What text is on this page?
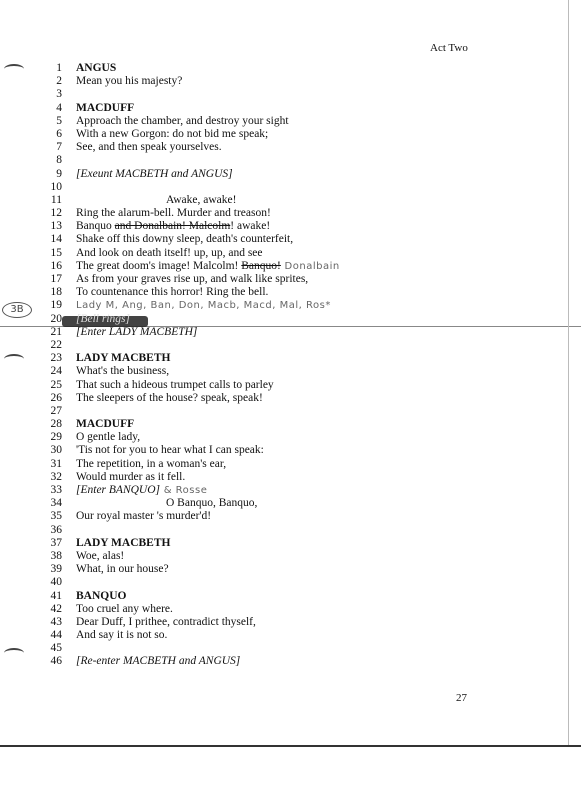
Act Two
3B
1 ANGUS
2 Mean you his majesty?
3
4 MACDUFF
5 Approach the chamber, and destroy your sight
6 With a new Gorgon: do not bid me speak;
7 See, and then speak yourselves.
8
9 [Exeunt MACBETH and ANGUS]
10
11	Awake, awake!
12 Ring the alarum-bell. Murder and treason!
13 Banquo and Donalbain! Malcolm! awake!
14 Shake off this downy sleep, death's counterfeit,
15 And look on death itself! up, up, and see
16 The great doom's image! Malcolm! Banquo! Donalbain
17 As from your graves rise up, and walk like sprites,
18 To countenance this horror! Ring the bell.
19 Lady M, Ang, Ban, Don, Macb, Macd, Mal, Ros*
20 [Bell rings]
21 [Enter LADY MACBETH]
22
23 LADY MACBETH
24 What's the business,
25 That such a hideous trumpet calls to parley
26 The sleepers of the house? speak, speak!
27
28 MACDUFF
29 O gentle lady,
30 'Tis not for you to hear what I can speak:
31 The repetition, in a woman's ear,
32 Would murder as it fell.
33 [Enter BANQUO] & Rosse
34	O Banquo, Banquo,
35 Our royal master 's murder'd!
36
37 LADY MACBETH
38 Woe, alas!
39 What, in our house?
40
41 BANQUO
42 Too cruel any where.
43 Dear Duff, I prithee, contradict thyself,
44 And say it is not so.
45
46 [Re-enter MACBETH and ANGUS]
27
